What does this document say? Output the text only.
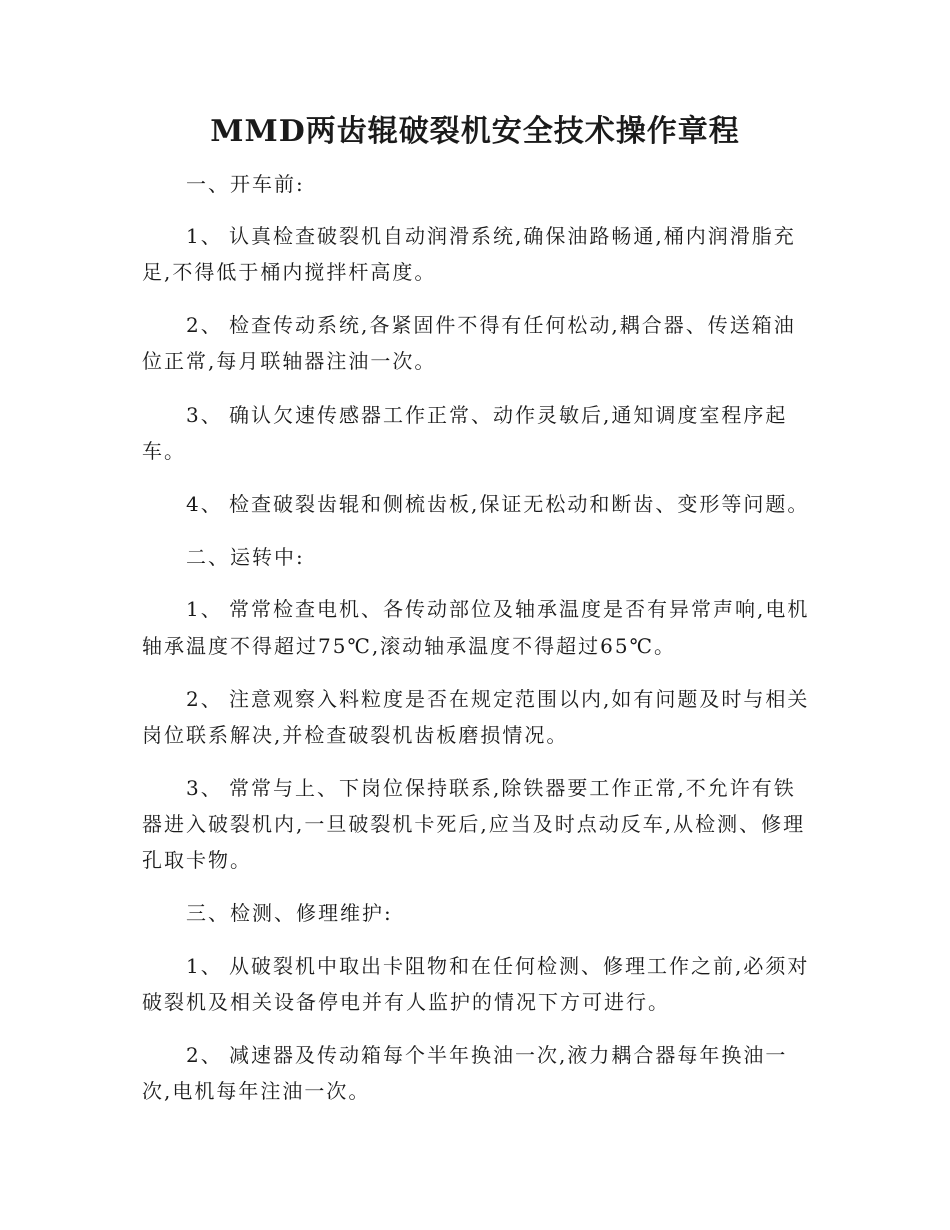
MMD两齿辊破裂机安全技术操作章程
一、开车前:
1、 认真检查破裂机自动润滑系统,确保油路畅通,桶内润滑脂充
足,不得低于桶内搅拌杆高度。
2、 检查传动系统,各紧固件不得有任何松动,耦合器、传送箱油
位正常,每月联轴器注油一次。
3、 确认欠速传感器工作正常、动作灵敏后,通知调度室程序起
车。
4、 检查破裂齿辊和侧梳齿板,保证无松动和断齿、变形等问题。
二、运转中:
1、 常常检查电机、各传动部位及轴承温度是否有异常声响,电机
轴承温度不得超过75℃,滚动轴承温度不得超过65℃。
2、 注意观察入料粒度是否在规定范围以内,如有问题及时与相关
岗位联系解决,并检查破裂机齿板磨损情况。
3、 常常与上、下岗位保持联系,除铁器要工作正常,不允许有铁
器进入破裂机内,一旦破裂机卡死后,应当及时点动反车,从检测、修理
孔取卡物。
三、检测、修理维护:
1、 从破裂机中取出卡阻物和在任何检测、修理工作之前,必须对
破裂机及相关设备停电并有人监护的情况下方可进行。
2、 减速器及传动箱每个半年换油一次,液力耦合器每年换油一
次,电机每年注油一次。
